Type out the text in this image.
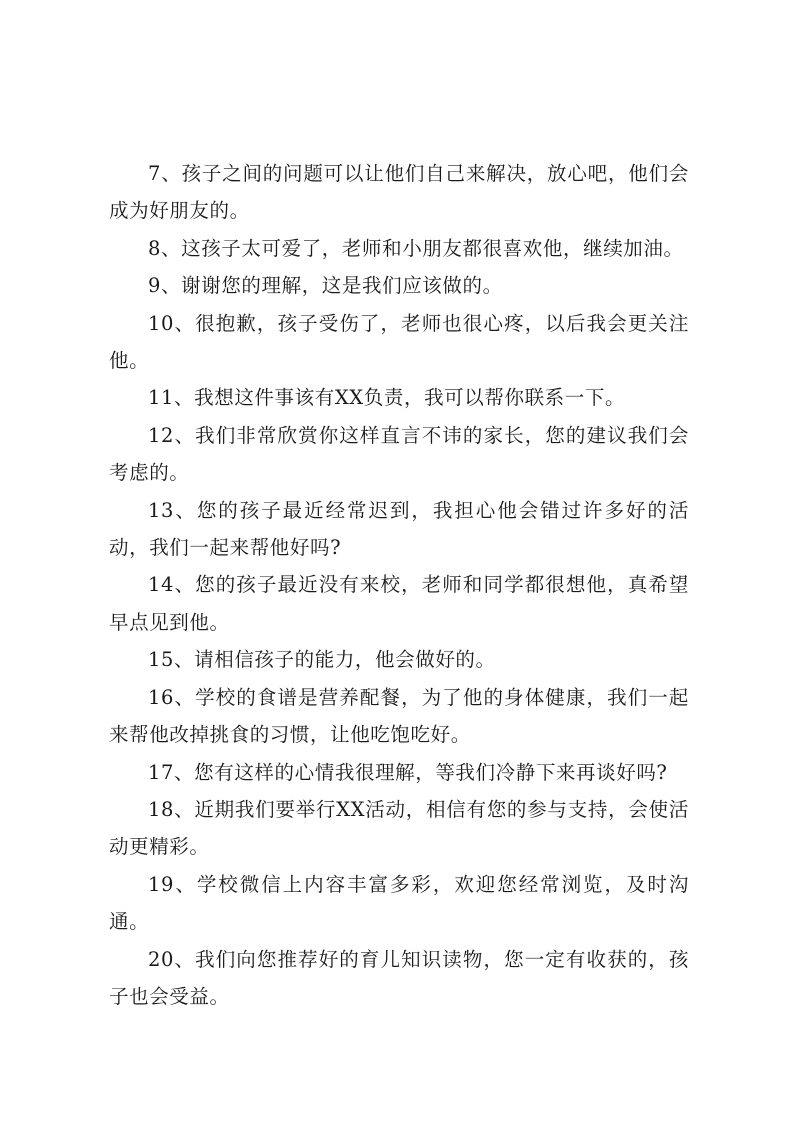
7、孩子之间的问题可以让他们自己来解决，放心吧，他们会成为好朋友的。

8、这孩子太可爱了，老师和小朋友都很喜欢他，继续加油。

9、谢谢您的理解，这是我们应该做的。

10、很抱歉，孩子受伤了，老师也很心疼，以后我会更关注他。

11、我想这件事该有XX负责，我可以帮你联系一下。

12、我们非常欣赏你这样直言不讳的家长，您的建议我们会考虑的。

13、您的孩子最近经常迟到，我担心他会错过许多好的活动，我们一起来帮他好吗?

14、您的孩子最近没有来校，老师和同学都很想他，真希望早点见到他。

15、请相信孩子的能力，他会做好的。

16、学校的食谱是营养配餐，为了他的身体健康，我们一起来帮他改掉挑食的习惯，让他吃饱吃好。

17、您有这样的心情我很理解，等我们冷静下来再谈好吗?

18、近期我们要举行XX活动，相信有您的参与支持，会使活动更精彩。

19、学校微信上内容丰富多彩，欢迎您经常浏览，及时沟通。

20、我们向您推荐好的育儿知识读物，您一定有收获的，孩子也会受益。
